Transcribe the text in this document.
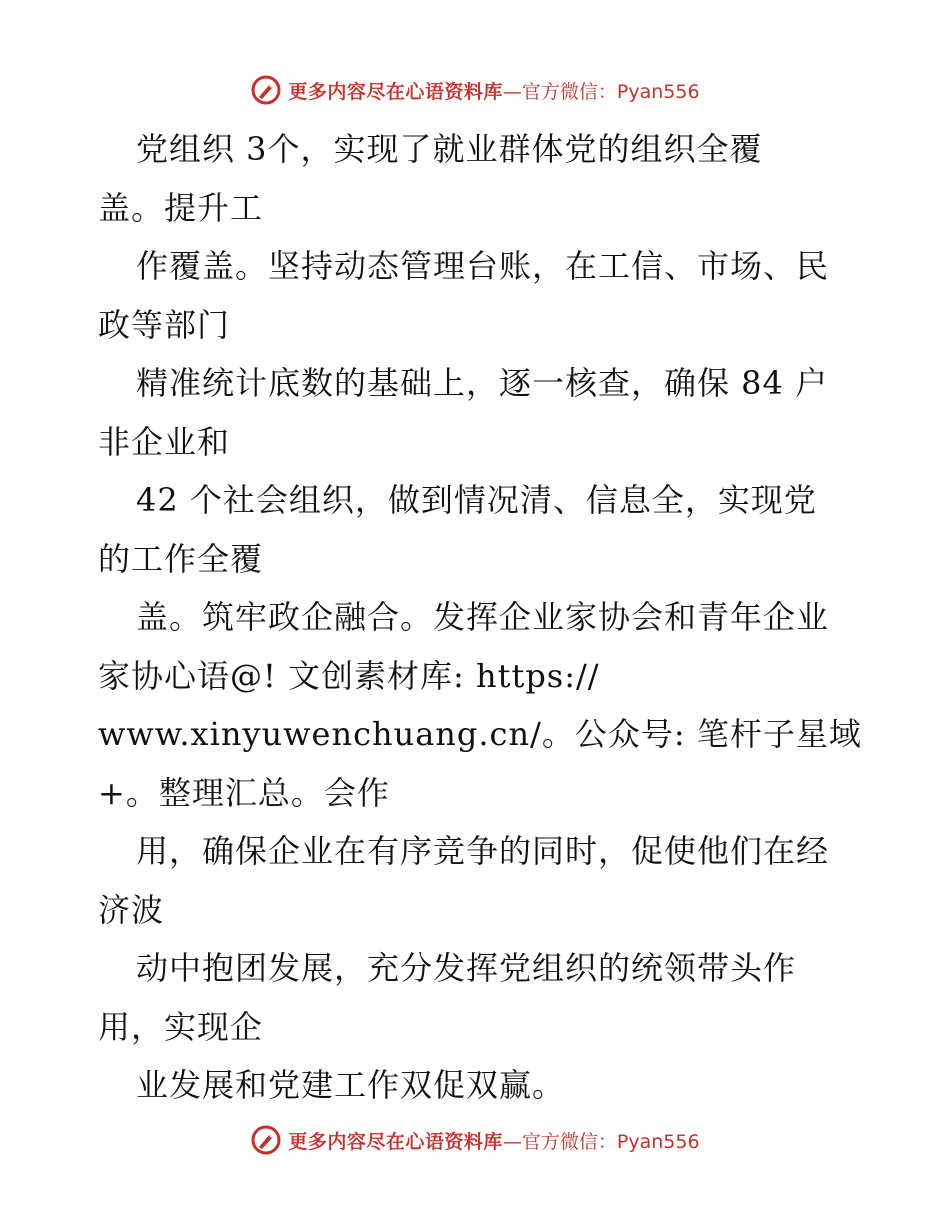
更多内容尽在心语资料库 —官方微信：Pyan556
党组织 3个，实现了就业群体党的组织全覆
盖。提升工
作覆盖。坚持动态管理台账，在工信、市场、民
政等部门
精准统计底数的基础上，逐一核查，确保 84 户
非企业和
42 个社会组织，做到情况清、信息全，实现党
的工作全覆
盖。筑牢政企融合。发挥企业家协会和青年企业
家协心语@! 文创素材库: https://
www.xinyuwenchuang.cn/。公众号: 笔杆子星域
+。整理汇总。会作
用，确保企业在有序竞争的同时，促使他们在经
济波
动中抱团发展，充分发挥党组织的统领带头作
用，实现企
业发展和党建工作双促双赢。
更多内容尽在心语资料库 —官方微信：Pyan556
